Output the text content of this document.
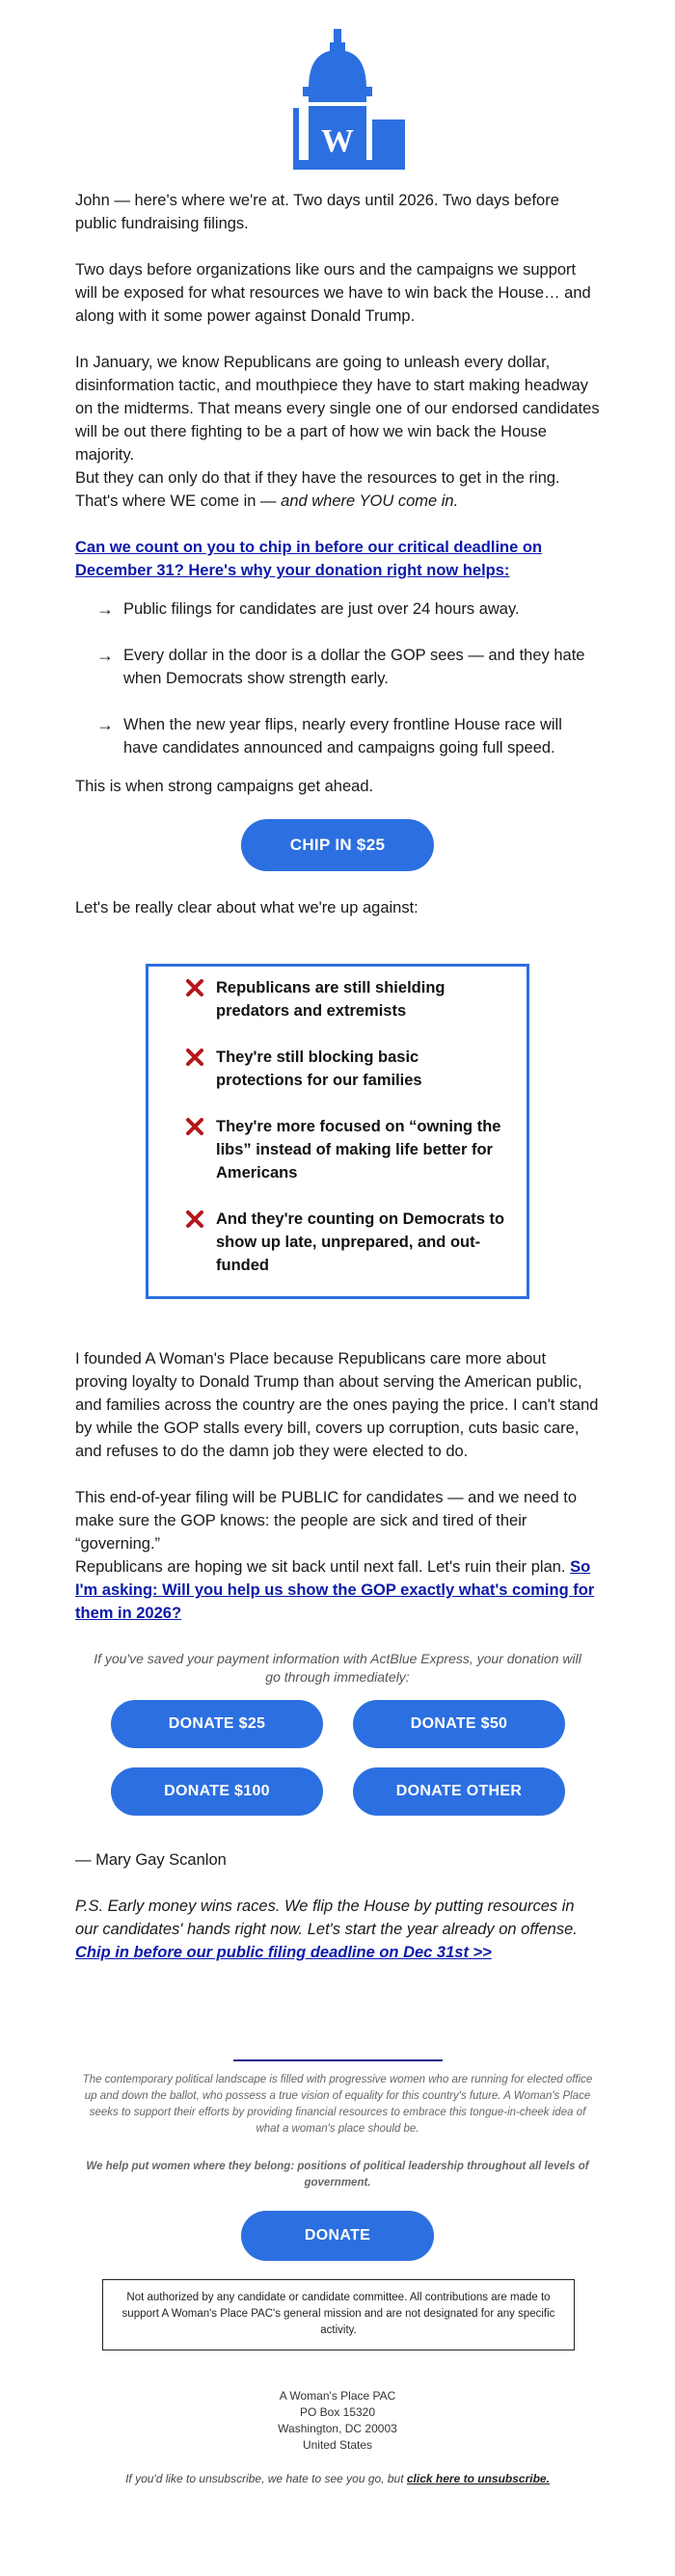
W
John — here's where we're at. Two days until 2026. Two days before public fundraising filings.
Two days before organizations like ours and the campaigns we support will be exposed for what resources we have to win back the House… and along with it some power against Donald Trump.
In January, we know Republicans are going to unleash every dollar, disinformation tactic, and mouthpiece they have to start making headway on the midterms. That means every single one of our endorsed candidates will be out there fighting to be a part of how we win back the House majority.
But they can only do that if they have the resources to get in the ring. That's where WE come in — and where YOU come in.
Can we count on you to chip in before our critical deadline on December 31? Here's why your donation right now helps:
→ Public filings for candidates are just over 24 hours away.
→ Every dollar in the door is a dollar the GOP sees — and they hate when Democrats show strength early.
→ When the new year flips, nearly every frontline House race will have candidates announced and campaigns going full speed.
This is when strong campaigns get ahead.
CHIP IN $25
Let's be really clear about what we're up against:
Republicans are still shielding predators and extremists
They're still blocking basic protections for our families
They're more focused on “owning the libs” instead of making life better for Americans
And they're counting on Democrats to show up late, unprepared, and out-funded
I founded A Woman's Place because Republicans care more about proving loyalty to Donald Trump than about serving the American public, and families across the country are the ones paying the price. I can't stand by while the GOP stalls every bill, covers up corruption, cuts basic care, and refuses to do the damn job they were elected to do.
This end-of-year filing will be PUBLIC for candidates — and we need to make sure the GOP knows: the people are sick and tired of their “governing.”
Republicans are hoping we sit back until next fall. Let's ruin their plan. So I'm asking: Will you help us show the GOP exactly what's coming for them in 2026?
If you've saved your payment information with ActBlue Express, your donation will go through immediately:
DONATE $25	DONATE $50
DONATE $100	DONATE OTHER
— Mary Gay Scanlon
P.S. Early money wins races. We flip the House by putting resources in our candidates' hands right now. Let's start the year already on offense. Chip in before our public filing deadline on Dec 31st >>
The contemporary political landscape is filled with progressive women who are running for elected office up and down the ballot, who possess a true vision of equality for this country's future. A Woman's Place seeks to support their efforts by providing financial resources to embrace this tongue-in-cheek idea of what a woman's place should be.
We help put women where they belong: positions of political leadership throughout all levels of government.
DONATE
Not authorized by any candidate or candidate committee. All contributions are made to support A Woman's Place PAC's general mission and are not designated for any specific activity.
A Woman's Place PAC
PO Box 15320
Washington, DC 20003
United States
If you'd like to unsubscribe, we hate to see you go, but click here to unsubscribe.
